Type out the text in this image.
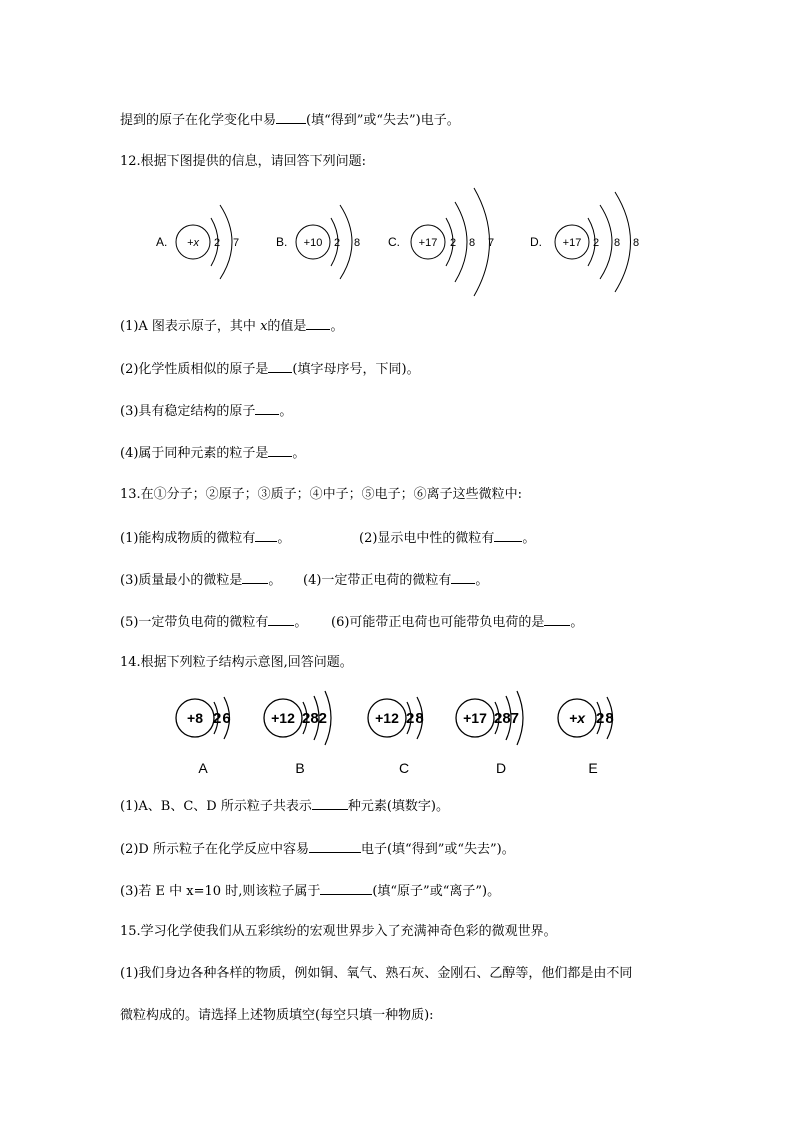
提到的原子在化学变化中易 (填“得到”或“失去”)电子。
12.根据下图提供的信息，请回答下列问题:
A. +x 2 7	B. +10 2 8 C. +17 2 8 7	D. +17 2 8 8
(1)A 图表示原子，其中 x的值是 。
(2)化学性质相似的原子是 (填字母序号，下同)。
(3)具有稳定结构的原子 。
(4)属于同种元素的粒子是 。
13.在①分子；②原子；③质子；④中子；⑤电子；⑥离子这些微粒中:
(1)能构成物质的微粒有 。	(2)显示电中性的微粒有 。
(3)质量最小的微粒是 。 (4)一定带正电荷的微粒有 。
(5)一定带负电荷的微粒有 。 (6)可能带正电荷也可能带负电荷的是 。
14.根据下列粒子结构示意图,回答问题。
+8 26	+12 282	+12 28	+17 287	+x 28
A	B	C	D	E
(1)A、B、C、D 所示粒子共表示	种元素(填数字)。
(2)D 所示粒子在化学反应中容易	电子(填“得到”或“失去”)。
(3)若 E 中 x=10 时,则该粒子属于	(填“原子”或“离子”)。
15.学习化学使我们从五彩缤纷的宏观世界步入了充满神奇色彩的微观世界。
(1)我们身边各种各样的物质，例如铜、氧气、熟石灰、金刚石、乙醇等，他们都是由不同
微粒构成的。请选择上述物质填空(每空只填一种物质):
